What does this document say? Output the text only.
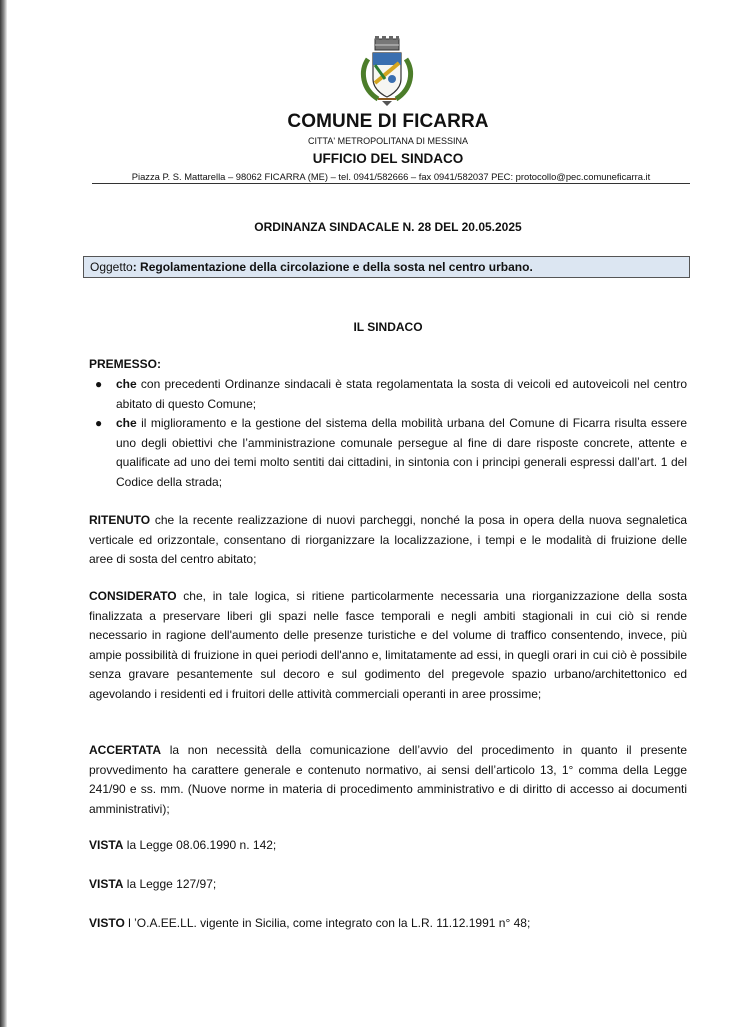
COMUNE DI FICARRA
CITTA' METROPOLITANA DI MESSINA
UFFICIO DEL SINDACO
Piazza P. S. Mattarella – 98062 FICARRA (ME) – tel. 0941/582666 – fax 0941/582037 PEC: protocollo@pec.comuneficarra.it
ORDINANZA SINDACALE N. 28 DEL 20.05.2025
Oggetto: Regolamentazione della circolazione e della sosta nel centro urbano.
IL SINDACO
PREMESSO:
● che con precedenti Ordinanze sindacali è stata regolamentata la sosta di veicoli ed autoveicoli nel centro abitato di questo Comune;
● che il miglioramento e la gestione del sistema della mobilità urbana del Comune di Ficarra risulta essere uno degli obiettivi che l’amministrazione comunale persegue al fine di dare risposte concrete, attente e qualificate ad uno dei temi molto sentiti dai cittadini, in sintonia con i principi generali espressi dall’art. 1 del Codice della strada;
RITENUTO che la recente realizzazione di nuovi parcheggi, nonché la posa in opera della nuova segnaletica verticale ed orizzontale, consentano di riorganizzare la localizzazione, i tempi e le modalità di fruizione delle aree di sosta del centro abitato;
CONSIDERATO che, in tale logica, si ritiene particolarmente necessaria una riorganizzazione della sosta finalizzata a preservare liberi gli spazi nelle fasce temporali e negli ambiti stagionali in cui ciò si rende necessario in ragione dell'aumento delle presenze turistiche e del volume di traffico consentendo, invece, più ampie possibilità di fruizione in quei periodi dell'anno e, limitatamente ad essi, in quegli orari in cui ciò è possibile senza gravare pesantemente sul decoro e sul godimento del pregevole spazio urbano/architettonico ed agevolando i residenti ed i fruitori delle attività commerciali operanti in aree prossime;
ACCERTATA la non necessità della comunicazione dell’avvio del procedimento in quanto il presente provvedimento ha carattere generale e contenuto normativo, ai sensi dell’articolo 13, 1° comma della Legge 241/90 e ss. mm. (Nuove norme in materia di procedimento amministrativo e di diritto di accesso ai documenti amministrativi);
VISTA la Legge 08.06.1990 n. 142;
VISTA la Legge 127/97;
VISTO l ’O.A.EE.LL. vigente in Sicilia, come integrato con la L.R. 11.12.1991 n° 48;
